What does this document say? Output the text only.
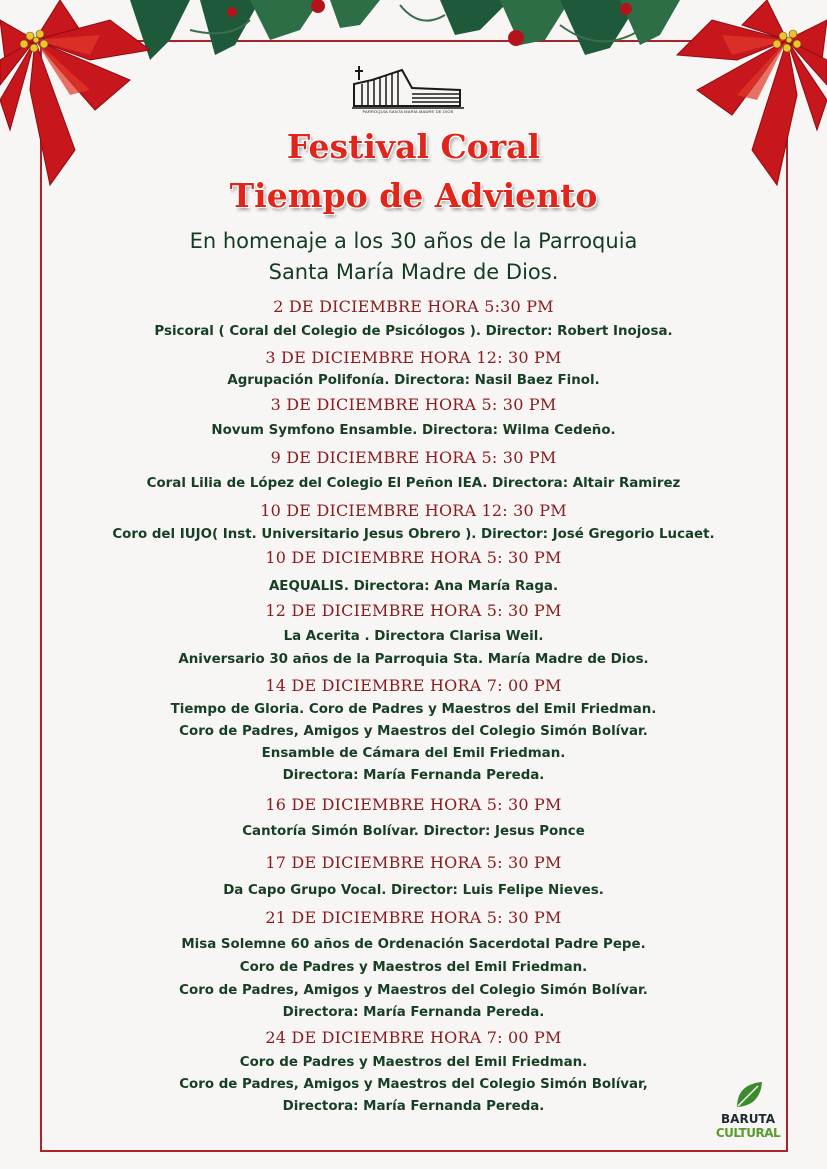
PARROQUIA SANTA MARÍA MADRE DE DIOS
Festival Coral
Tiempo de Adviento
En homenaje a los 30 años de la Parroquia
Santa María Madre de Dios.
2 DE DICIEMBRE HORA 5:30 PM
Psicoral ( Coral del Colegio de Psicólogos ). Director: Robert Inojosa.
3 DE DICIEMBRE HORA 12: 30 PM
Agrupación Polifonía. Directora: Nasil Baez Finol.
3 DE DICIEMBRE HORA 5: 30 PM
Novum Symfono Ensamble. Directora: Wilma Cedeño.
9 DE DICIEMBRE HORA 5: 30 PM
Coral Lilia de López del Colegio El Peñon IEA. Directora: Altair Ramirez
10 DE DICIEMBRE HORA 12: 30 PM
Coro del IUJO( Inst. Universitario Jesus Obrero ). Director: José Gregorio Lucaet.
10 DE DICIEMBRE HORA 5: 30 PM
AEQUALIS. Directora: Ana María Raga.
12 DE DICIEMBRE HORA 5: 30 PM
La Acerita . Directora Clarisa Weil.
Aniversario 30 años de la Parroquia Sta. María Madre de Dios.
14 DE DICIEMBRE HORA 7: 00 PM
Tiempo de Gloria. Coro de Padres y Maestros del Emil Friedman.
Coro de Padres, Amigos y Maestros del Colegio Simón Bolívar.
Ensamble de Cámara del Emil Friedman.
Directora: María Fernanda Pereda.
16 DE DICIEMBRE HORA 5: 30 PM
Cantoría Simón Bolívar. Director: Jesus Ponce
17 DE DICIEMBRE HORA 5: 30 PM
Da Capo Grupo Vocal. Director: Luis Felipe Nieves.
21 DE DICIEMBRE HORA 5: 30 PM
Misa Solemne 60 años de Ordenación Sacerdotal Padre Pepe.
Coro de Padres y Maestros del Emil Friedman.
Coro de Padres, Amigos y Maestros del Colegio Simón Bolívar.
Directora: María Fernanda Pereda.
24 DE DICIEMBRE HORA 7: 00 PM
Coro de Padres y Maestros del Emil Friedman.
Coro de Padres, Amigos y Maestros del Colegio Simón Bolívar,
Directora: María Fernanda Pereda.
BARUTA
CULTURAL
